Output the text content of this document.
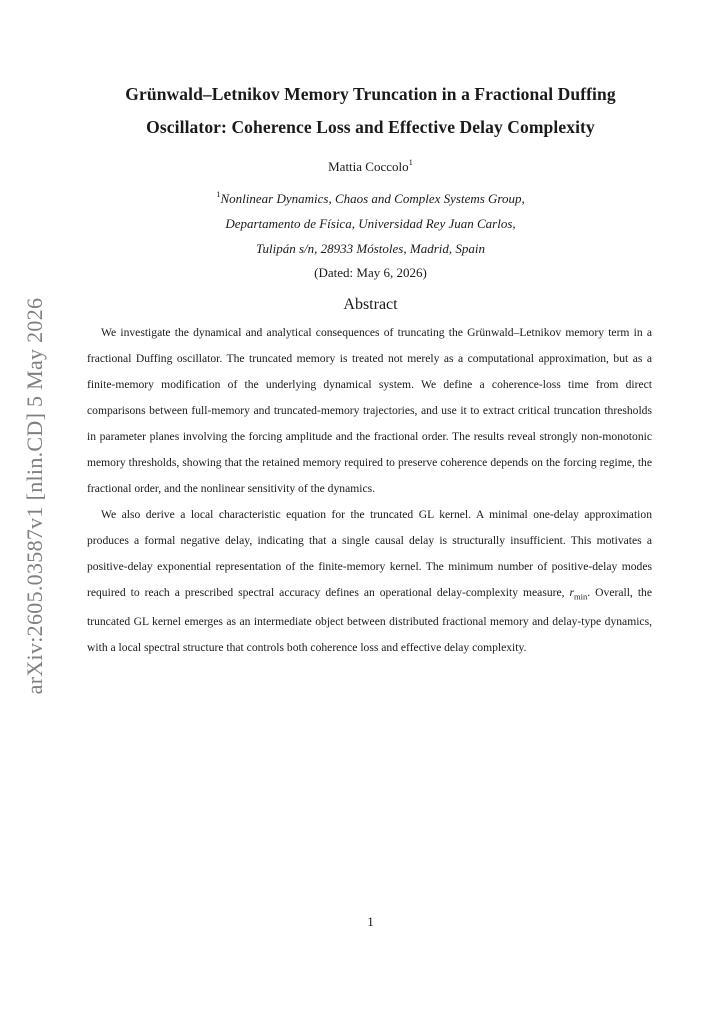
arXiv:2605.03587v1 [nlin.CD] 5 May 2026
Grünwald–Letnikov Memory Truncation in a Fractional Duffing
Oscillator: Coherence Loss and Effective Delay Complexity
Mattia Coccolo$^1$
$^1$Nonlinear Dynamics, Chaos and Complex Systems Group,
Departamento de Física, Universidad Rey Juan Carlos,
Tulipán s/n, 28933 Móstoles, Madrid, Spain
(Dated: May 6, 2026)
Abstract

We investigate the dynamical and analytical consequences of truncating the Grünwald–Letnikov memory term in a fractional Duffing oscillator. The truncated memory is treated not merely as a computational approximation, but as a finite-memory modification of the underlying dynamical system. We define a coherence-loss time from direct comparisons between full-memory and truncated-memory trajectories, and use it to extract critical truncation thresholds in parameter planes involving the forcing amplitude and the fractional order. The results reveal strongly non-monotonic memory thresholds, showing that the retained memory required to preserve coherence depends on the forcing regime, the fractional order, and the nonlinear sensitivity of the dynamics.

We also derive a local characteristic equation for the truncated GL kernel. A minimal one-delay approximation produces a formal negative delay, indicating that a single causal delay is structurally insufficient. This motivates a positive-delay exponential representation of the finite-memory kernel. The minimum number of positive-delay modes required to reach a prescribed spectral accuracy defines an operational delay-complexity measure, $r_{min}$. Overall, the truncated GL kernel emerges as an intermediate object between distributed fractional memory and delay-type dynamics, with a local spectral structure that controls both coherence loss and effective delay complexity.

1
